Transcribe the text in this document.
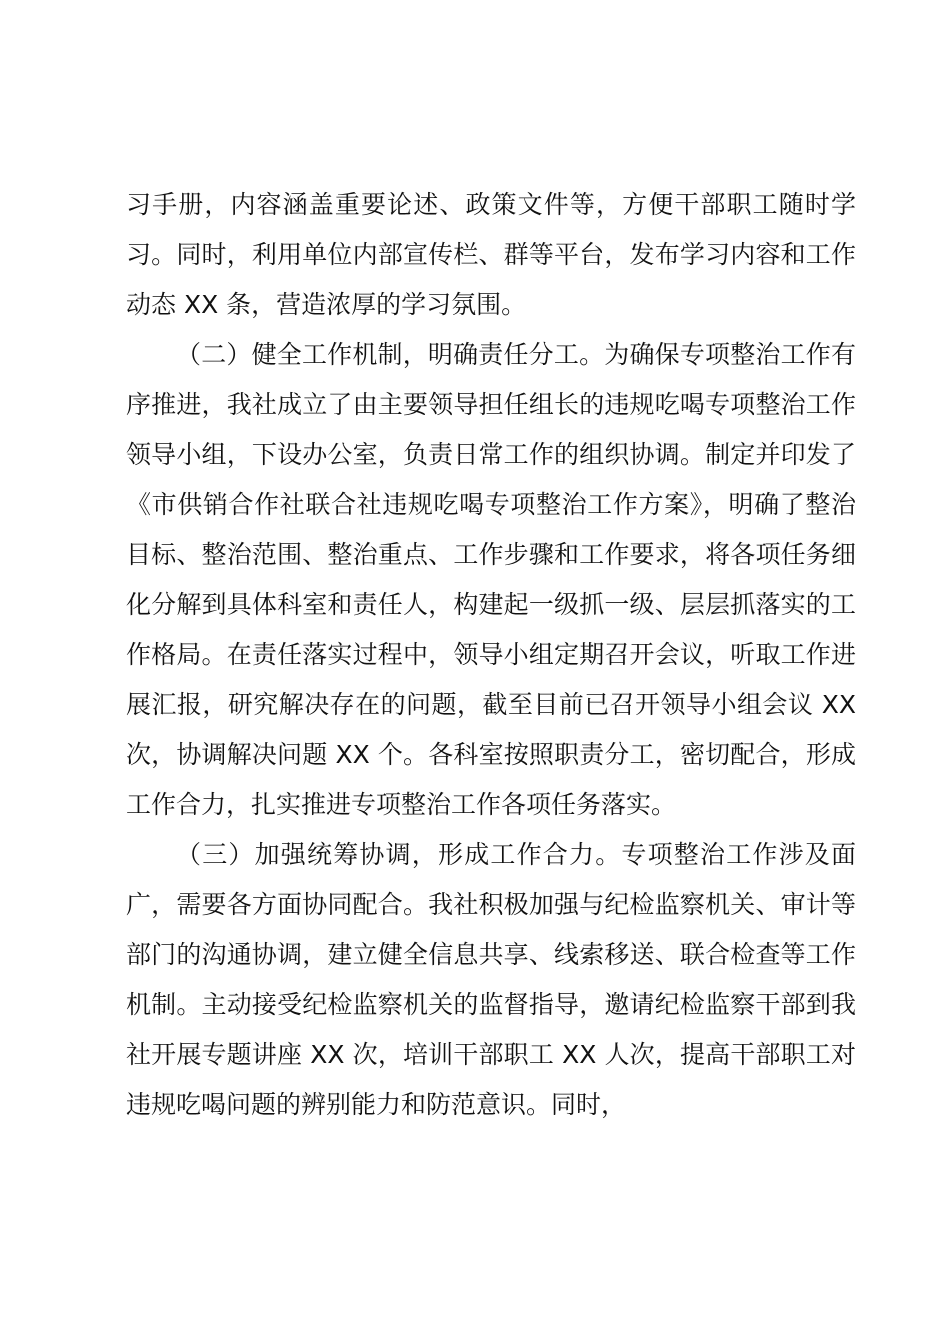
习手册，内容涵盖重要论述、政策文件等，方便干部职工随时学习。同时，利用单位内部宣传栏、群等平台，发布学习内容和工作动态 XX 条，营造浓厚的学习氛围。

（二）健全工作机制，明确责任分工。为确保专项整治工作有序推进，我社成立了由主要领导担任组长的违规吃喝专项整治工作领导小组，下设办公室，负责日常工作的组织协调。制定并印发了《市供销合作社联合社违规吃喝专项整治工作方案》，明确了整治目标、整治范围、整治重点、工作步骤和工作要求，将各项任务细化分解到具体科室和责任人，构建起一级抓一级、层层抓落实的工作格局。在责任落实过程中，领导小组定期召开会议，听取工作进展汇报，研究解决存在的问题，截至目前已召开领导小组会议 XX 次，协调解决问题 XX 个。各科室按照职责分工，密切配合，形成工作合力，扎实推进专项整治工作各项任务落实。

（三）加强统筹协调，形成工作合力。专项整治工作涉及面广，需要各方面协同配合。我社积极加强与纪检监察机关、审计等部门的沟通协调，建立健全信息共享、线索移送、联合检查等工作机制。主动接受纪检监察机关的监督指导，邀请纪检监察干部到我社开展专题讲座 XX 次，培训干部职工 XX 人次，提高干部职工对违规吃喝问题的辨别能力和防范意识。同时，
